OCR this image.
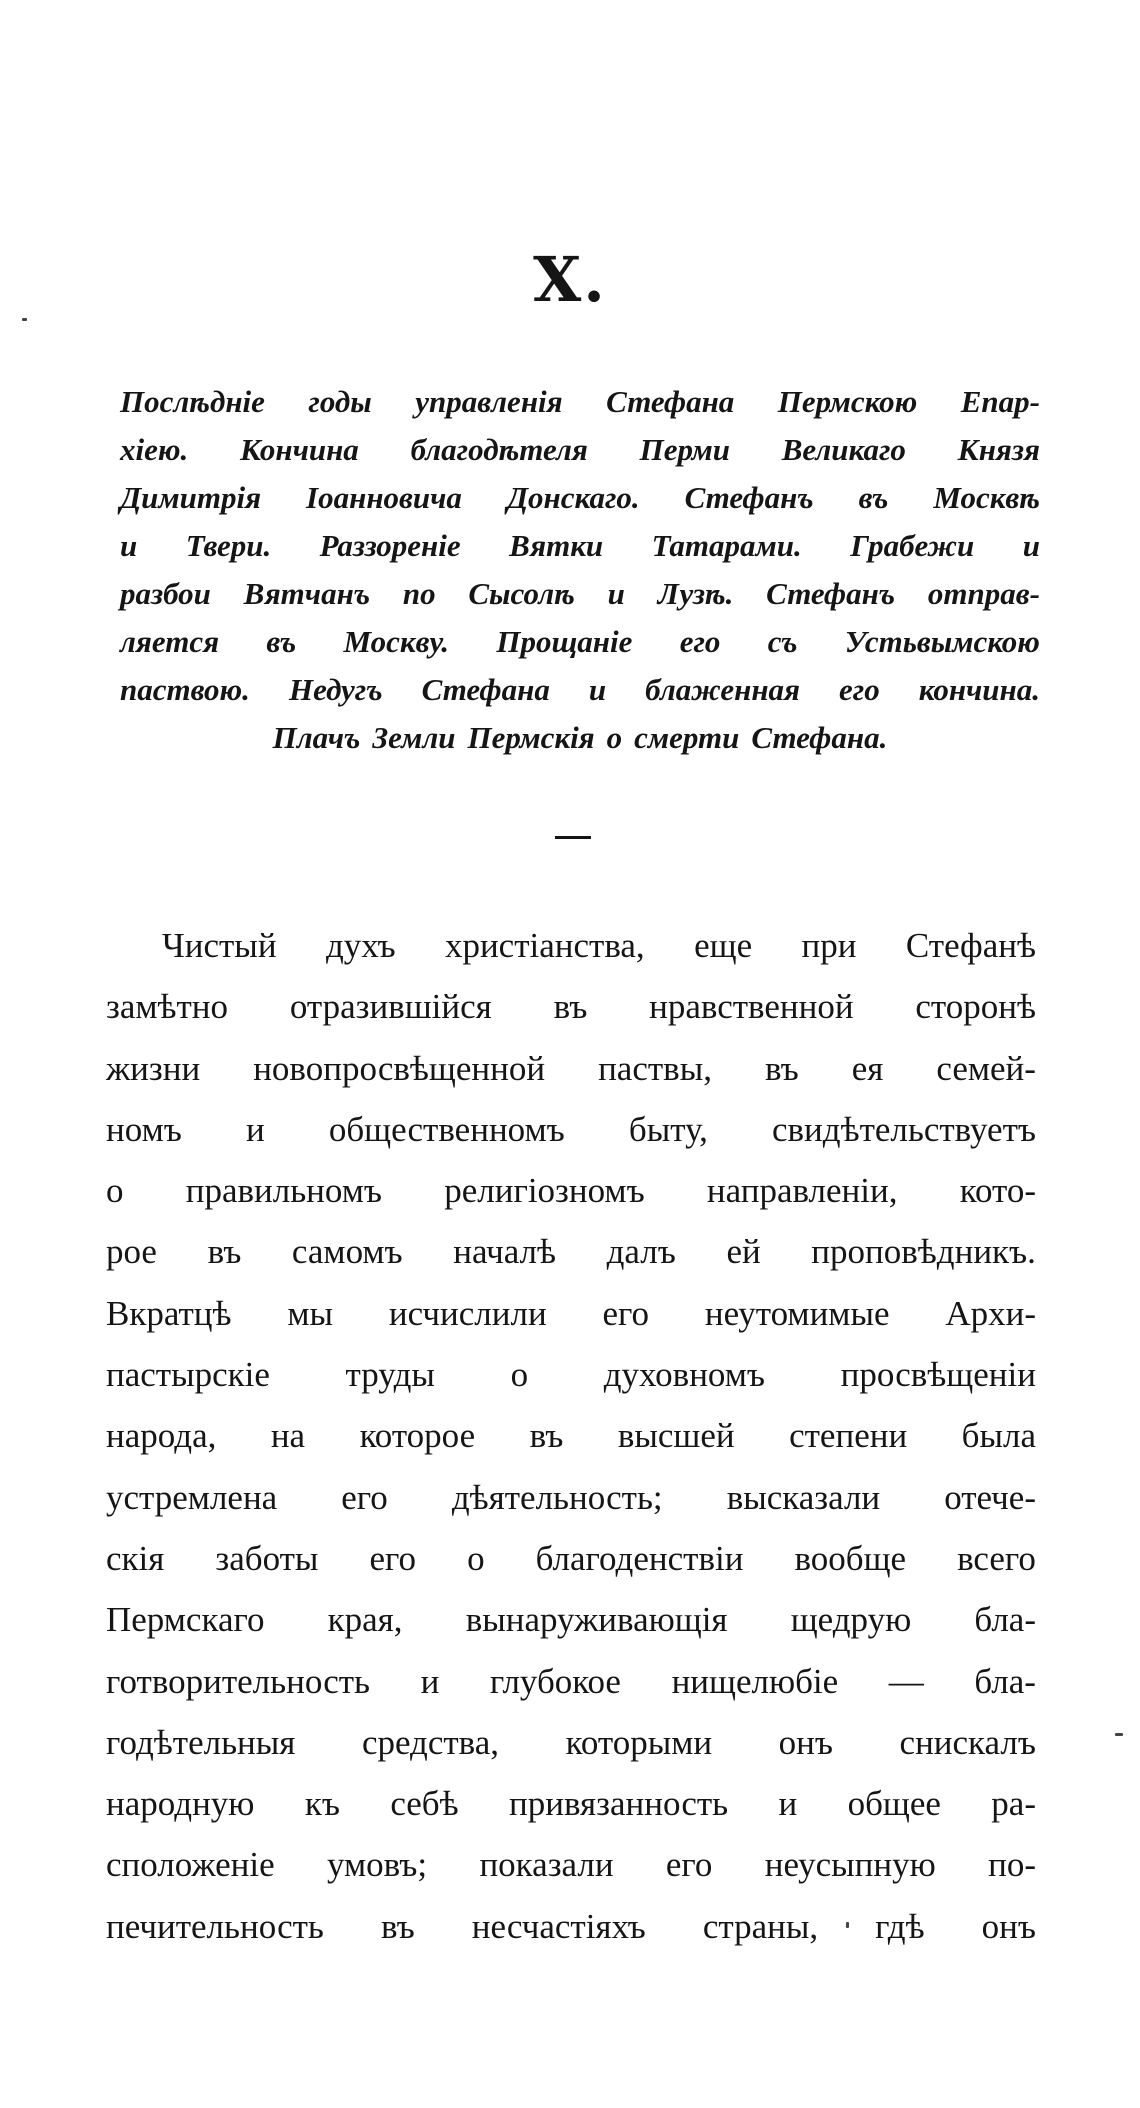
X.
Послѣдніе годы управленія Стефана Пермскою Епар-
хіею. Кончина благодѣтеля Перми Великаго Князя
Димитрія Іоанновича Донскаго. Стефанъ въ Москвѣ
и Твери. Раззореніе Вятки Татарами. Грабежи и
разбои Вятчанъ по Сысолѣ и Лузѣ. Стефанъ отправ-
ляется въ Москву. Прощаніе его съ Устьвымскою
паствою. Недугъ Стефана и блаженная его кончина.
Плачъ Земли Пермскія о смерти Стефана.
Чистый духъ христіанства, еще при Стефанѣ
замѣтно отразившійся въ нравственной сторонѣ
жизни новопросвѣщенной паствы, въ ея семей-
номъ и общественномъ быту, свидѣтельствуетъ
о правильномъ религіозномъ направленіи, кото-
рое въ самомъ началѣ далъ ей проповѣдникъ.
Вкратцѣ мы исчислили его неутомимые Архи-
пастырскіе труды о духовномъ просвѣщеніи
народа, на которое въ высшей степени была
устремлена его дѣятельность; высказали отече-
скія заботы его о благоденствіи вообще всего
Пермскаго края, вынаруживающія щедрую бла-
готворительность и глубокое нищелюбіе — бла-
годѣтельныя средства, которыми онъ снискалъ
народную къ себѣ привязанность и общее ра-
сположеніе умовъ; показали его неусыпную по-
печительность въ несчастіяхъ страны, гдѣ онъ
